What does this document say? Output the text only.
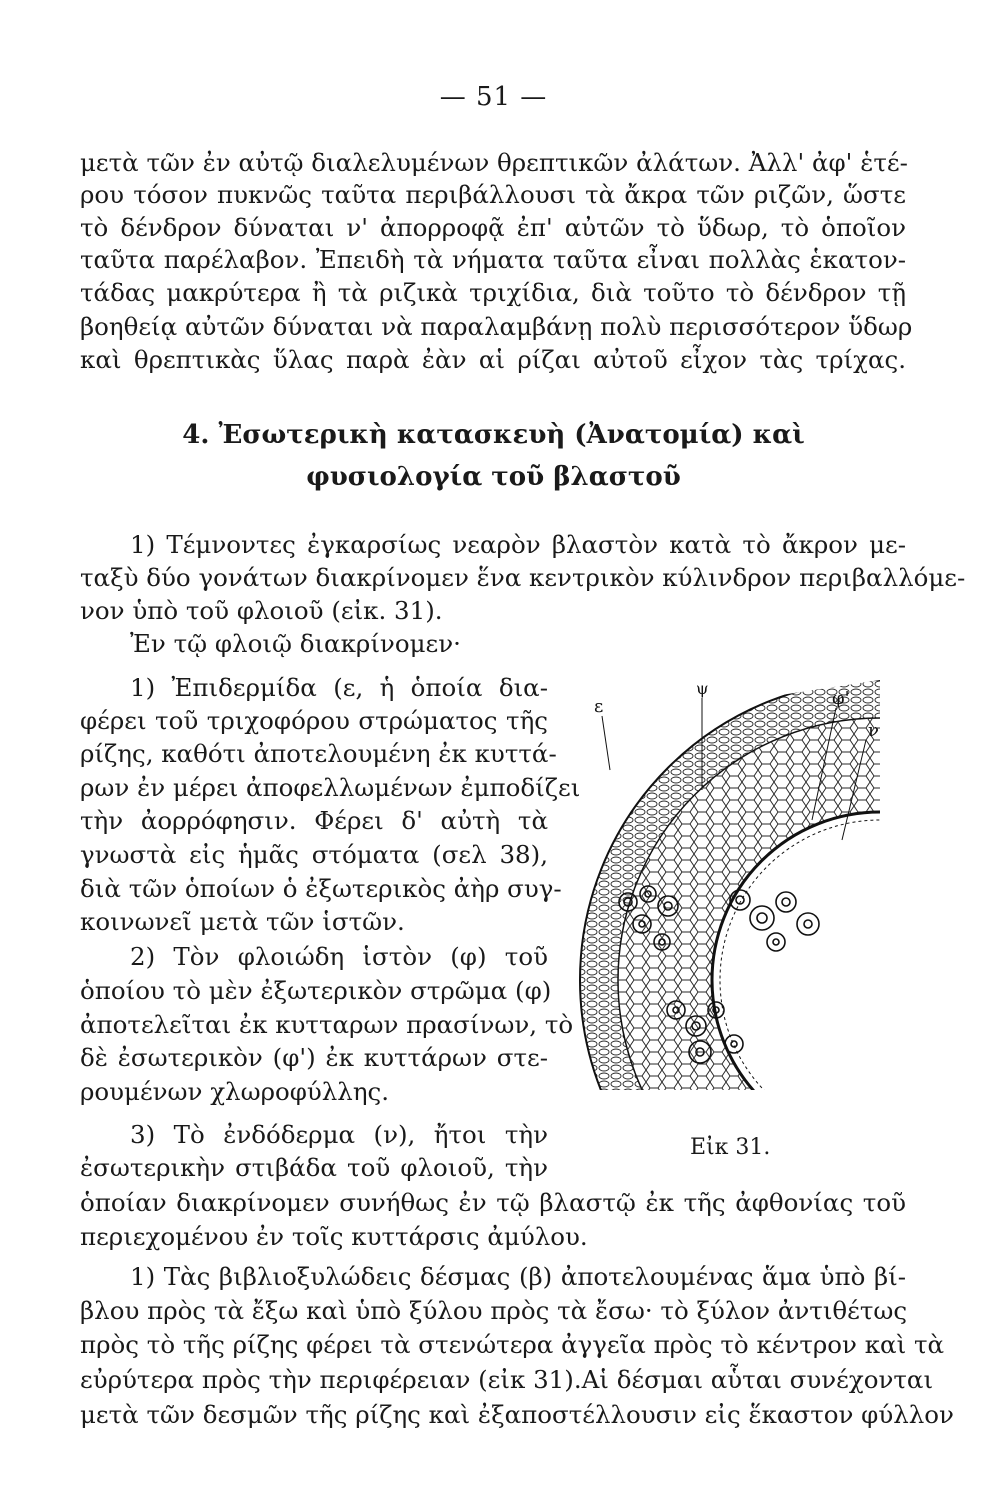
— 51 —
μετὰ τῶν ἐν αὐτῷ διαλελυμένων θρεπτικῶν ἀλάτων. Ἀλλ' ἀφ' ἑτέ-
ρου τόσον πυκνῶς ταῦτα περιβάλλουσι τὰ ἄκρα τῶν ριζῶν, ὥστε
τὸ δένδρον δύναται ν' ἀπορροφᾷ ἐπ' αὐτῶν τὸ ὕδωρ, τὸ ὁποῖον
ταῦτα παρέλαβον. Ἐπειδὴ τὰ νήματα ταῦτα εἶναι πολλὰς ἑκατον-
τάδας μακρύτερα ἢ τὰ ριζικὰ τριχίδια, διὰ τοῦτο τὸ δένδρον τῇ
βοηθείᾳ αὐτῶν δύναται νὰ παραλαμβάνῃ πολὺ περισσότερον ὕδωρ
καὶ θρεπτικὰς ὕλας παρὰ ἐὰν αἱ ρίζαι αὐτοῦ εἶχον τὰς τρίχας.
4. Ἐσωτερικὴ κατασκευὴ (Ἀνατομία) καὶ
φυσιολογία τοῦ βλαστοῦ
1) Τέμνοντες ἐγκαρσίως νεαρὸν βλαστὸν κατὰ τὸ ἄκρον με-
ταξὺ δύο γονάτων διακρίνομεν ἕνα κεντρικὸν κύλινδρον περιβαλλόμε-
νον ὑπὸ τοῦ φλοιοῦ (εἰκ. 31).
Ἐν τῷ φλοιῷ διακρίνομεν·
1) Ἐπιδερμίδα (ε, ἡ ὁποία δια-
φέρει τοῦ τριχοφόρου στρώματος τῆς
ρίζης, καθότι ἀποτελουμένη ἐκ κυττά-
ρων ἐν μέρει ἀποφελλωμένων ἐμποδίζει
τὴν ἀορρόφησιν. Φέρει δ' αὐτὴ τὰ
γνωστὰ εἰς ἡμᾶς στόματα (σελ 38),
διὰ τῶν ὁποίων ὁ ἐξωτερικὸς ἀὴρ συγ-
κοινωνεῖ μετὰ τῶν ἱστῶν.
2) Τὸν φλοιώδη ἱστὸν (φ) τοῦ
ὁποίου τὸ μὲν ἐξωτερικὸν στρῶμα (φ)
ἀποτελεῖται ἐκ κυτταρων πρασίνων, τὸ
δὲ ἐσωτερικὸν (φ') ἐκ κυττάρων στε-
ρουμένων χλωροφύλλης.
3) Τὸ ἐνδόδερμα (ν), ἤτοι τὴν
ἐσωτερικὴν στιβάδα τοῦ φλοιοῦ, τὴν
ὁποίαν διακρίνομεν συνήθως ἐν τῷ βλαστῷ ἐκ τῆς ἀφθονίας τοῦ
περιεχομένου ἐν τοῖς κυττάρσις ἀμύλου.
1) Τὰς βιβλιοξυλώδεις δέσμας (β) ἀποτελουμένας ἅμα ὑπὸ βί-
βλου πρὸς τὰ ἔξω καὶ ὑπὸ ξύλου πρὸς τὰ ἔσω· τὸ ξύλον ἀντιθέτως
πρὸς τὸ τῆς ρίζης φέρει τὰ στενώτερα ἀγγεῖα πρὸς τὸ κέντρον καὶ τὰ
εὐρύτερα πρὸς τὴν περιφέρειαν (εἰκ 31).Αἱ δέσμαι αὗται συνέχονται
μετὰ τῶν δεσμῶν τῆς ρίζης καὶ ἐξαποστέλλουσιν εἰς ἕκαστον φύλλον
ε
ψ	φ'
ν
Εἰκ 31.
